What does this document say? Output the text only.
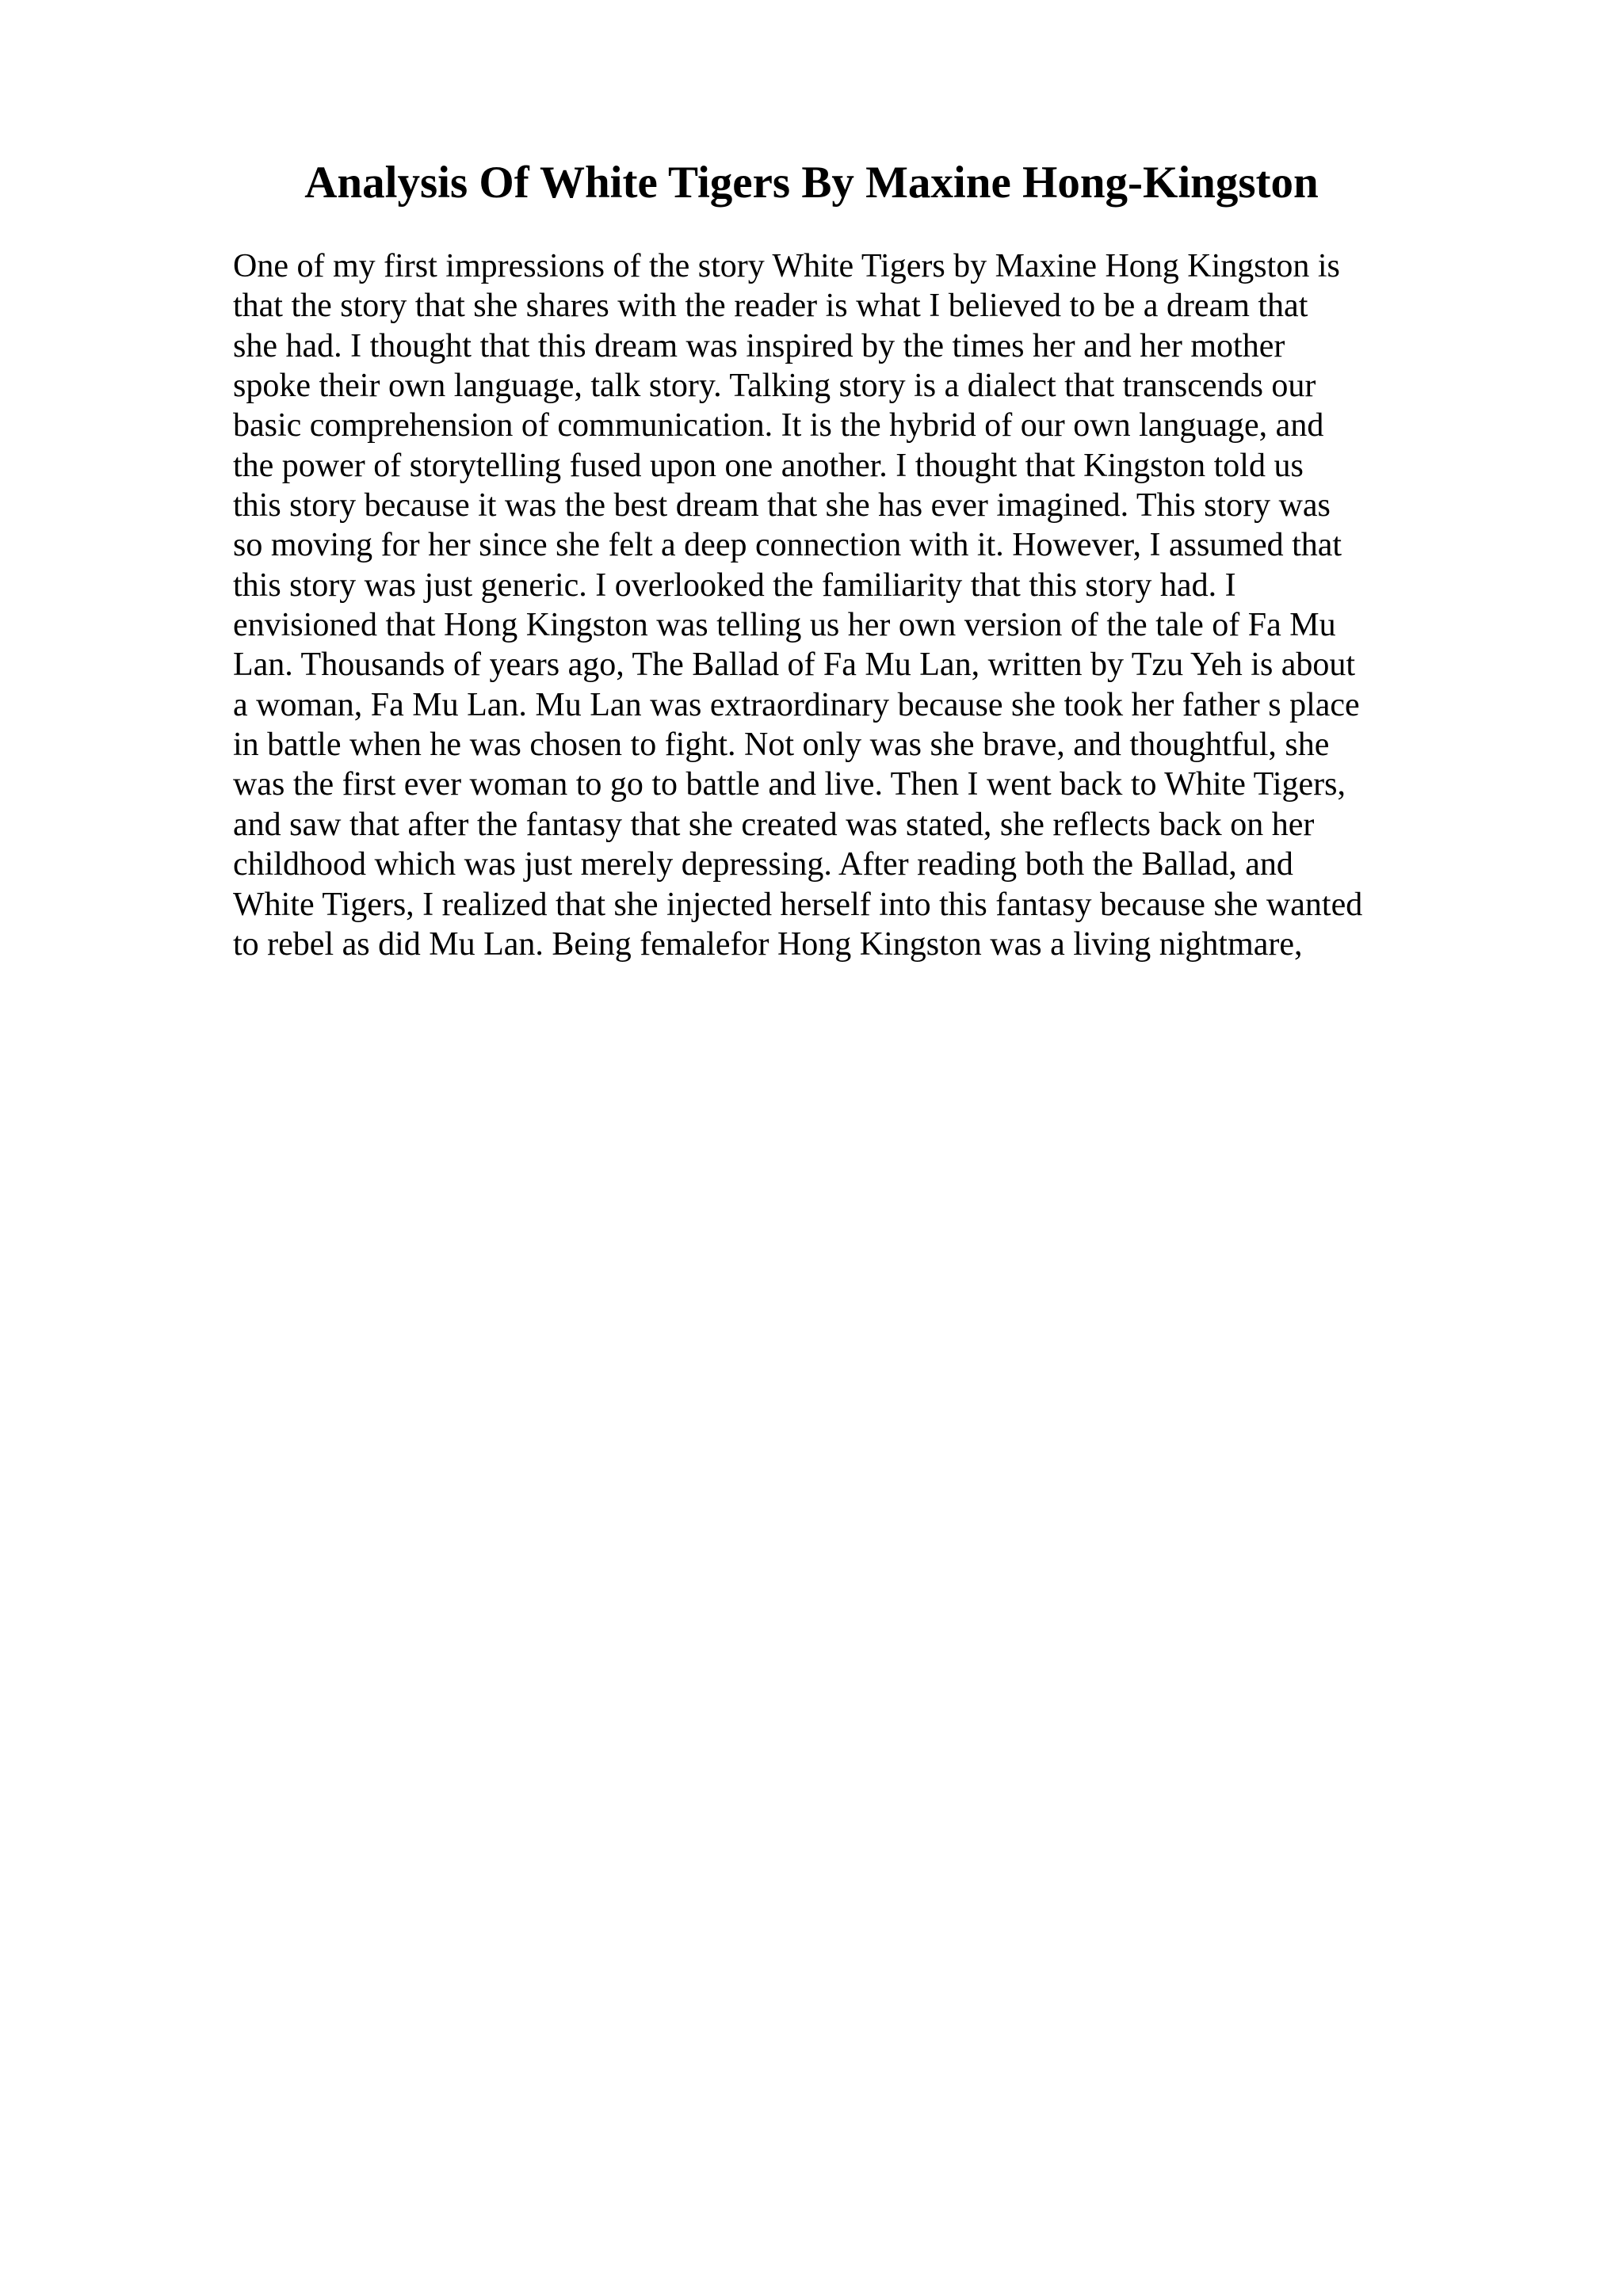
Analysis Of White Tigers By Maxine Hong-Kingston
One of my first impressions of the story White Tigers by Maxine Hong Kingston is
that the story that she shares with the reader is what I believed to be a dream that
she had. I thought that this dream was inspired by the times her and her mother
spoke their own language, talk story. Talking story is a dialect that transcends our
basic comprehension of communication. It is the hybrid of our own language, and
the power of storytelling fused upon one another. I thought that Kingston told us
this story because it was the best dream that she has ever imagined. This story was
so moving for her since she felt a deep connection with it. However, I assumed that
this story was just generic. I overlooked the familiarity that this story had. I
envisioned that Hong Kingston was telling us her own version of the tale of Fa Mu
Lan. Thousands of years ago, The Ballad of Fa Mu Lan, written by Tzu Yeh is about
a woman, Fa Mu Lan. Mu Lan was extraordinary because she took her father s place
in battle when he was chosen to fight. Not only was she brave, and thoughtful, she
was the first ever woman to go to battle and live. Then I went back to White Tigers,
and saw that after the fantasy that she created was stated, she reflects back on her
childhood which was just merely depressing. After reading both the Ballad, and
White Tigers, I realized that she injected herself into this fantasy because she wanted
to rebel as did Mu Lan. Being femalefor Hong Kingston was a living nightmare,
